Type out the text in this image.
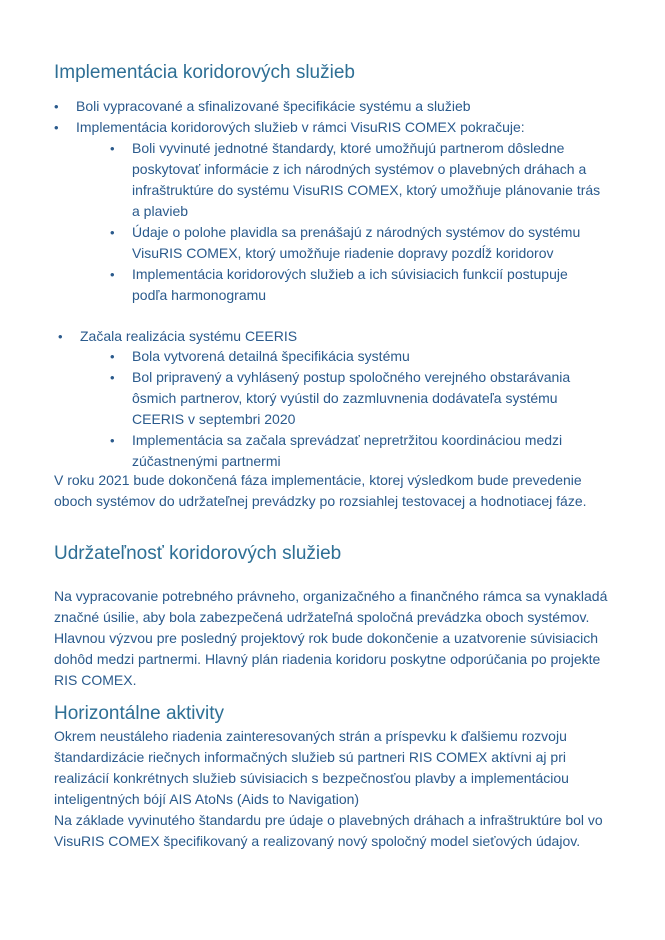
Implementácia koridorových služieb
• Boli vypracované a sfinalizované špecifikácie systému a služieb
• Implementácia koridorových služieb v rámci VisuRIS COMEX pokračuje:
• Boli vyvinuté jednotné štandardy, ktoré umožňujú partnerom dôsledne poskytovať informácie z ich národných systémov o plavebných dráhach a infraštruktúre do systému VisuRIS COMEX, ktorý umožňuje plánovanie trás a plavieb
• Údaje o polohe plavidla sa prenášajú z národných systémov do systému VisuRIS COMEX, ktorý umožňuje riadenie dopravy pozdĺž koridorov
• Implementácia koridorových služieb a ich súvisiacich funkcií postupuje podľa harmonogramu
• Začala realizácia systému CEERIS
• Bola vytvorená detailná špecifikácia systému
• Bol pripravený a vyhlásený postup spoločného verejného obstarávania ôsmich partnerov, ktorý vyústil do zazmluvnenia dodávateľa systému CEERIS v septembri 2020
• Implementácia sa začala sprevádzať nepretržitou koordináciou medzi zúčastnenými partnermi

V roku 2021 bude dokončená fáza implementácie, ktorej výsledkom bude prevedenie oboch systémov do udržateľnej prevádzky po rozsiahlej testovacej a hodnotiacej fáze.

Udržateľnosť koridorových služieb

Na vypracovanie potrebného právneho, organizačného a finančného rámca sa vynakladá značné úsilie, aby bola zabezpečená udržateľná spoločná prevádzka oboch systémov. Hlavnou výzvou pre posledný projektový rok bude dokončenie a uzatvorenie súvisiacich dohôd medzi partnermi. Hlavný plán riadenia koridoru poskytne odporúčania po projekte RIS COMEX.

Horizontálne aktivity

Okrem neustáleho riadenia zainteresovaných strán a príspevku k ďalšiemu rozvoju štandardizácie riečnych informačných služieb sú partneri RIS COMEX aktívni aj pri realizácií konkrétnych služieb súvisiacich s bezpečnosťou plavby a implementáciou inteligentných bójí AIS AtoNs (Aids to Navigation)

Na základe vyvinutého štandardu pre údaje o plavebných dráhach a infraštruktúre bol vo VisuRIS COMEX špecifikovaný a realizovaný nový spoločný model sieťových údajov.
